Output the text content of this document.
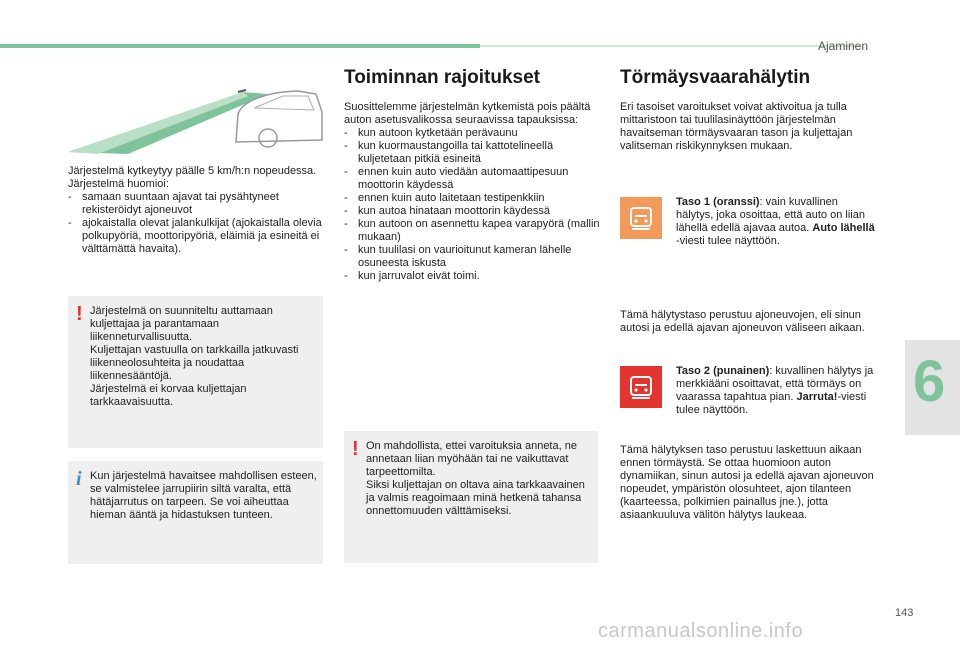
Ajaminen
6
Järjestelmä kytkeytyy päälle 5 km/h:n nopeudessa.
Järjestelmä huomioi:
- samaan suuntaan ajavat tai pysähtyneet rekisteröidyt ajoneuvot
- ajokaistalla olevat jalankulkijat (ajokaistalla olevia polkupyöriä, moottoripyöriä, eläimiä ja esineitä ei välttämättä havaita).
! Järjestelmä on suunniteltu auttamaan kuljettajaa ja parantamaan liikenneturvallisuutta.
Kuljettajan vastuulla on tarkkailla jatkuvasti liikenneolosuhteita ja noudattaa liikennesääntöjä.
Järjestelmä ei korvaa kuljettajan tarkkaavaisuutta.
i Kun järjestelmä havaitsee mahdollisen esteen, se valmistelee jarrupiirin siltä varalta, että hätäjarrutus on tarpeen. Se voi aiheuttaa hieman ääntä ja hidastuksen tunteen.
Toiminnan rajoitukset
Suosittelemme järjestelmän kytkemistä pois päältä auton asetusvalikossa seuraavissa tapauksissa:
- kun autoon kytketään perävaunu
- kun kuormaustangoilla tai kattotelineellä kuljetetaan pitkiä esineitä
- ennen kuin auto viedään automaattipesuun moottorin käydessä
- ennen kuin auto laitetaan testipenkkiin
- kun autoa hinataan moottorin käydessä
- kun autoon on asennettu kapea varapyörä (mallin mukaan)
- kun tuulilasi on vaurioitunut kameran lähelle osuneesta iskusta
- kun jarruvalot eivät toimi.
! On mahdollista, ettei varoituksia anneta, ne annetaan liian myöhään tai ne vaikuttavat tarpeettomilta.
Siksi kuljettajan on oltava aina tarkkaavainen ja valmis reagoimaan minä hetkenä tahansa onnettomuuden välttämiseksi.
Törmäysvaarahälytin
Eri tasoiset varoitukset voivat aktivoitua ja tulla mittaristoon tai tuulilasinäyttöön järjestelmän havaitseman törmäysvaaran tason ja kuljettajan valitseman riskikynnyksen mukaan.
Taso 1 (oranssi): vain kuvallinen hälytys, joka osoittaa, että auto on liian lähellä edellä ajavaa autoa. Auto lähellä -viesti tulee näyttöön.
Tämä hälytystaso perustuu ajoneuvojen, eli sinun autosi ja edellä ajavan ajoneuvon väliseen aikaan.
Taso 2 (punainen): kuvallinen hälytys ja merkkiääni osoittavat, että törmäys on vaarassa tapahtua pian. Jarruta!-viesti tulee näyttöön.
Tämä hälytyksen taso perustuu laskettuun aikaan ennen törmäystä. Se ottaa huomioon auton dynamiikan, sinun autosi ja edellä ajavan ajoneuvon nopeudet, ympäristön olosuhteet, ajon tilanteen (kaarteessa, polkimien painallus jne.), jotta asiaankuuluva välitön hälytys laukeaa.
143
carmanualsonline.info
